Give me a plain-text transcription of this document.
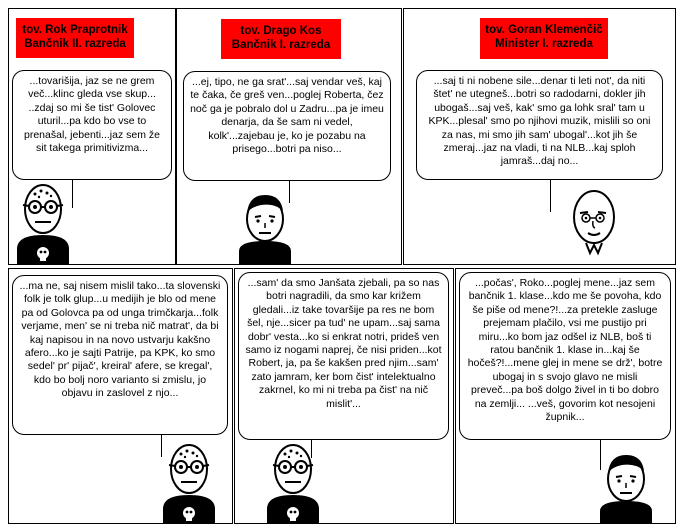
tov. Rok Praprotnik Bančnik II. razreda
...tovarišija, jaz se ne grem več...klinc gleda vse skup... ..zdaj so mi še tist' Golovec uturil...pa kdo bo vse to prenašal, jebenti...jaz sem že sit takega primitivizma...
tov. Drago Kos Bančnik I. razreda
...ej, tipo, ne ga srat'...saj vendar veš, kaj te čaka, če greš ven...poglej Roberta, čez noč ga je pobralo dol u Zadru...pa je imeu denarja, da še sam ni vedel, kolk'...zajebau je, ko je pozabu na prisego...botri pa niso...
tov. Goran Klemenčič Minister I. razreda
...saj ti ni nobene sile...denar ti leti not', da niti štet' ne utegneš...botri so radodarni, dokler jih ubogaš...saj veš, kak' smo ga lohk sral' tam u KPK...plesal' smo po njihovi muzik, mislili so oni za nas, mi smo jih sam' ubogal'...kot jih še zmeraj...jaz na vladi, ti na NLB...kaj sploh jamraš...daj no...
...ma ne, saj nisem mislil tako...ta slovenski folk je tolk glup...u medijih je blo od mene pa od Golovca pa od unga trimčkarja...folk verjame, men' se ni treba nič matrat', da bi kaj napisou in na novo ustvarju kakšno afero...ko je sajti Patrije, pa KPK, ko smo sedel' pr' pijač', kreiral' afere, se kregal', kdo bo bolj noro varianto si zmislu, jo objavu in zaslovel z njo...
...sam' da smo Janšata zjebali, pa so nas botri nagradili, da smo kar križem gledali...iz take tovaršije pa res ne bom šel, nje...sicer pa tud' ne upam...saj sama dobr' vesta...ko si enkrat notri, prideš ven samo iz nogami naprej, če nisi priden...kot Robert, ja, pa še kakšen pred njim...sam' zato jamram, ker bom čist' intelektualno zakrnel, ko mi ni treba pa čist' na nič mislit'...
...počas', Roko...poglej mene...jaz sem bančnik 1. klase...kdo me še povoha, kdo še piše od mene?!...za pretekle zasluge prejemam plačilo, vsi me pustijo pri miru...ko bom jaz odšel iz NLB, boš ti ratou bančnik 1. klase in...kaj še hočeš?!...mene glej in mene se drž', botre ubogaj in s svojo glavo ne misli preveč...pa boš dolgo živel in ti bo dobro na zemlji... ...veš, govorim kot nesojeni župnik...
